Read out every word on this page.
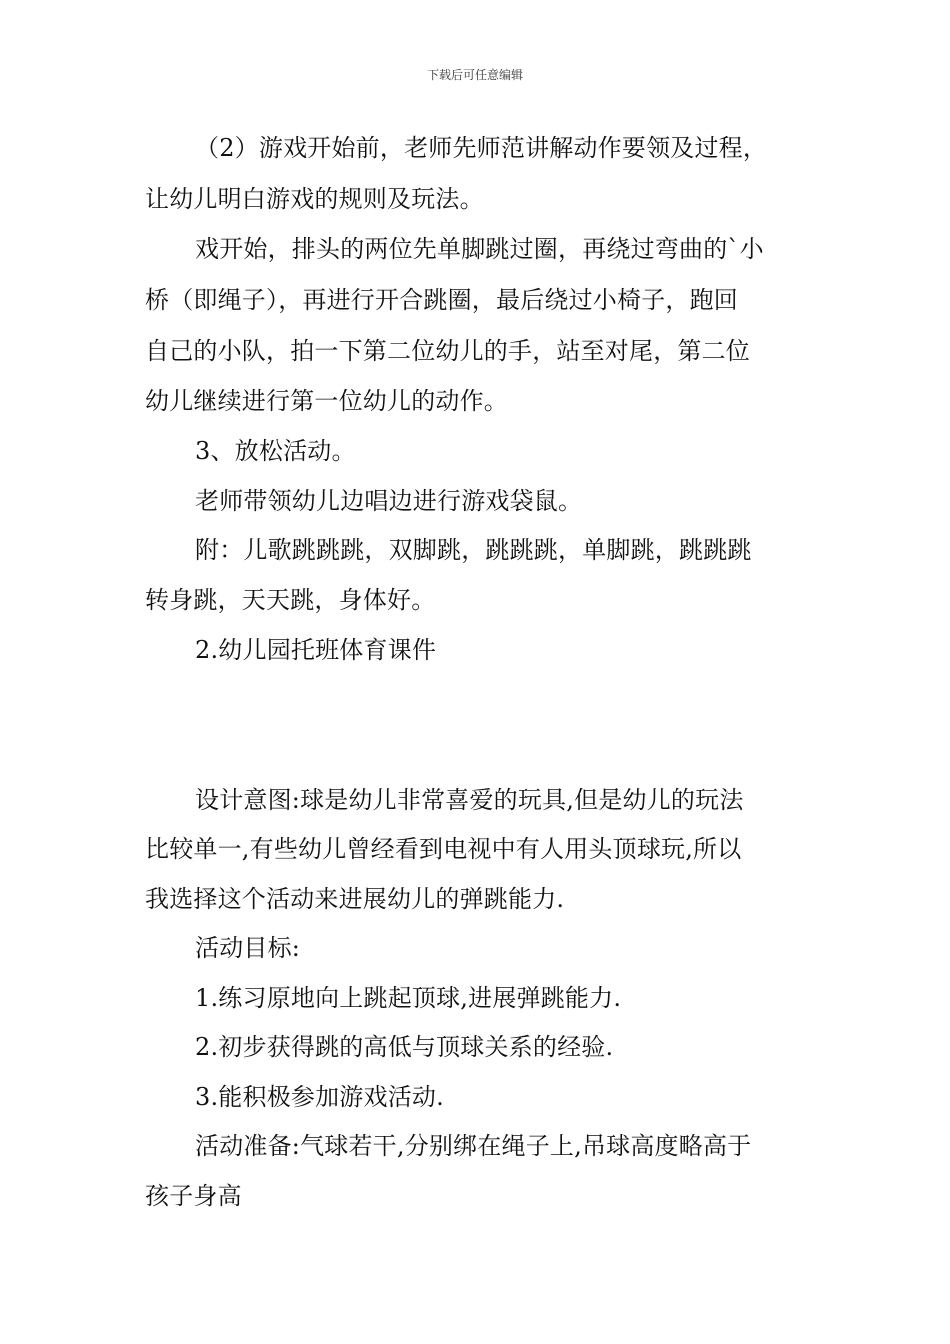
下载后可任意编辑
（2）游戏开始前，老师先师范讲解动作要领及过程，
让幼儿明白游戏的规则及玩法。
戏开始，排头的两位先单脚跳过圈，再绕过弯曲的`小
桥（即绳子），再进行开合跳圈，最后绕过小椅子，跑回
自己的小队，拍一下第二位幼儿的手，站至对尾，第二位
幼儿继续进行第一位幼儿的动作。
3、放松活动。
老师带领幼儿边唱边进行游戏袋鼠。
附：儿歌跳跳跳，双脚跳，跳跳跳，单脚跳，跳跳跳
转身跳，天天跳，身体好。
2.幼儿园托班体育课件
设计意图:球是幼儿非常喜爱的玩具,但是幼儿的玩法
比较单一,有些幼儿曾经看到电视中有人用头顶球玩,所以
我选择这个活动来进展幼儿的弹跳能力.
活动目标:
1.练习原地向上跳起顶球,进展弹跳能力.
2.初步获得跳的高低与顶球关系的经验.
3.能积极参加游戏活动.
活动准备:气球若干,分别绑在绳子上,吊球高度略高于
孩子身高
